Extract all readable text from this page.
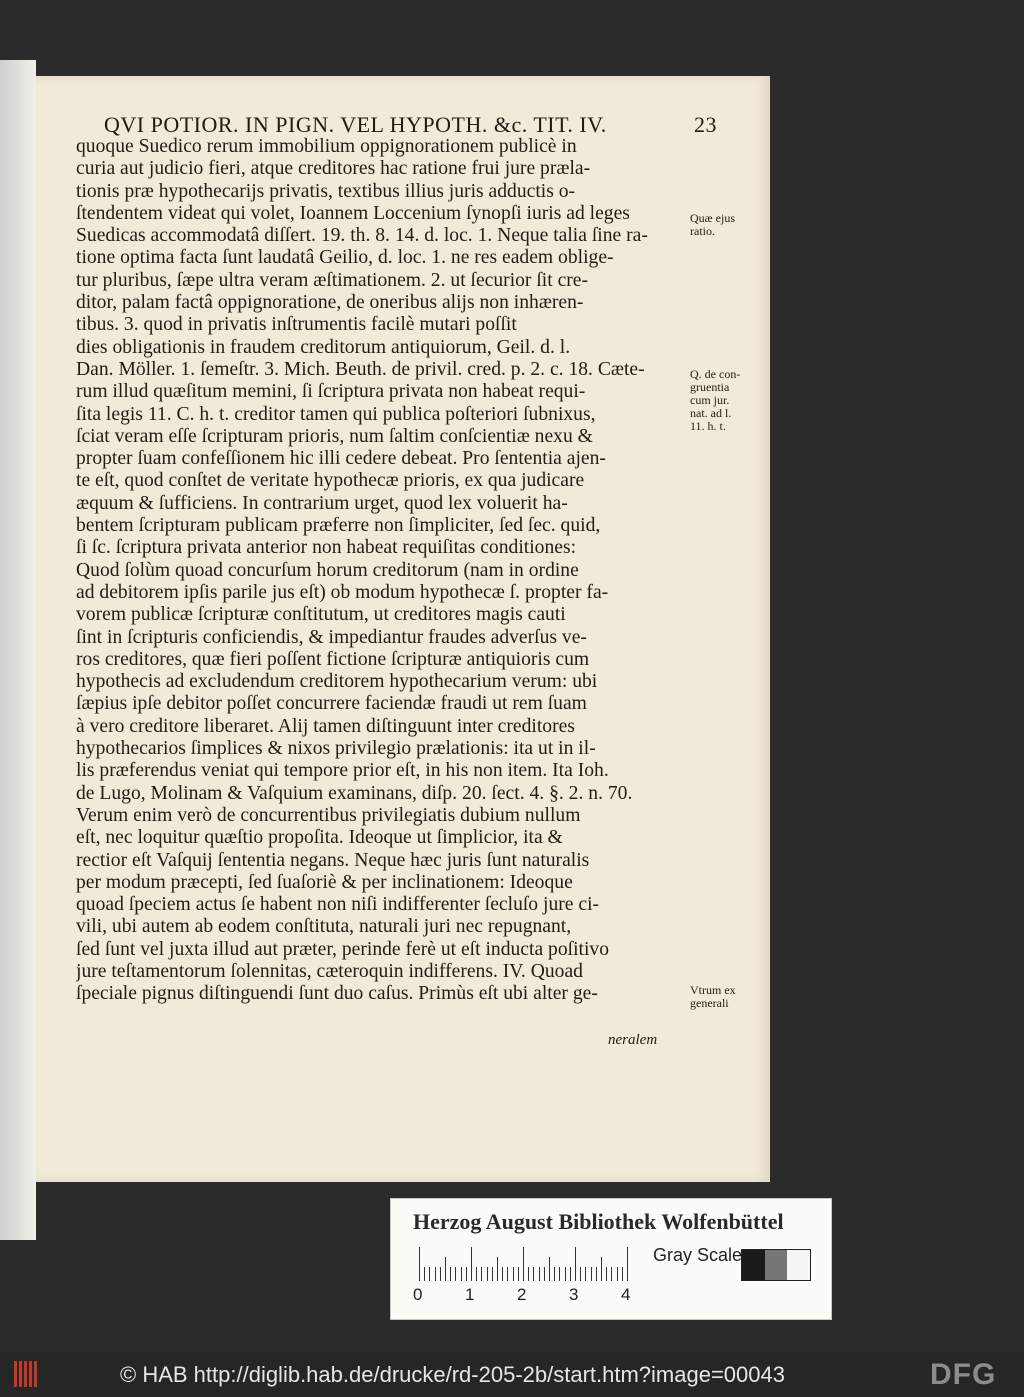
QVI POTIOR. IN PIGN. VEL HYPOTH. &c. TIT. IV.	23
quoque Suedico rerum immobilium oppignorationem publicè in
curia aut judicio fieri, atque creditores hac ratione frui jure præla-
tionis præ hypothecarijs privatis, textibus illius juris adductis o-
ſtendentem videat qui volet, Ioannem Loccenium ſynopſi iuris ad leges
Suedicas accommodatâ diſſert. 19. th. 8. 14. d. loc. 1. Neque talia ſine ra-
tione optima facta ſunt laudatâ Geilio, d. loc. 1. ne res eadem oblige-
tur pluribus, ſæpe ultra veram æſtimationem. 2. ut ſecurior ſit cre-
ditor, palam factâ oppignoratione, de oneribus alijs non inhæren-
tibus. 3. quod in privatis inſtrumentis facilè mutari poſſit
dies obligationis in fraudem creditorum antiquiorum, Geil. d. l.
Dan. Möller. 1. ſemeſtr. 3. Mich. Beuth. de privil. cred. p. 2. c. 18. Cæte-
rum illud quæſitum memini, ſi ſcriptura privata non habeat requi-
ſita legis 11. C. h. t. creditor tamen qui publica poſteriori ſubnixus,
ſciat veram eſſe ſcripturam prioris, num ſaltim conſcientiæ nexu &
propter ſuam confeſſionem hic illi cedere debeat. Pro ſententia ajen-
te eſt, quod conſtet de veritate hypothecæ prioris, ex qua judicare
æquum & ſufficiens. In contrarium urget, quod lex voluerit ha-
bentem ſcripturam publicam præferre non ſimpliciter, ſed ſec. quid,
ſi ſc. ſcriptura privata anterior non habeat requiſitas conditiones:
Quod ſolùm quoad concurſum horum creditorum (nam in ordine
ad debitorem ipſis parile jus eſt) ob modum hypothecæ ſ. propter fa-
vorem publicæ ſcripturæ conſtitutum, ut creditores magis cauti
ſint in ſcripturis conficiendis, & impediantur fraudes adverſus ve-
ros creditores, quæ fieri poſſent fictione ſcripturæ antiquioris cum
hypothecis ad excludendum creditorem hypothecarium verum: ubi
ſæpius ipſe debitor poſſet concurrere faciendæ fraudi ut rem ſuam
à vero creditore liberaret. Alij tamen diſtinguunt inter creditores
hypothecarios ſimplices & nixos privilegio prælationis: ita ut in il-
lis præferendus veniat qui tempore prior eſt, in his non item. Ita Ioh.
de Lugo, Molinam & Vaſquium examinans, diſp. 20. ſect. 4. §. 2. n. 70.
Verum enim verò de concurrentibus privilegiatis dubium nullum
eſt, nec loquitur quæſtio propoſita. Ideoque ut ſimplicior, ita &
rectior eſt Vaſquij ſententia negans. Neque hæc juris ſunt naturalis
per modum præcepti, ſed ſuaſoriè & per inclinationem: Ideoque
quoad ſpeciem actus ſe habent non niſi indifferenter ſecluſo jure ci-
vili, ubi autem ab eodem conſtituta, naturali juri nec repugnant,
ſed ſunt vel juxta illud aut præter, perinde ferè ut eſt inducta poſitivo
jure teſtamentorum ſolennitas, cæteroquin indifferens. IV. Quoad
ſpeciale pignus diſtinguendi ſunt duo caſus. Primùs eſt ubi alter ge-
Quæ ejus
ratio.
Q. de con-
gruentia
cum jur.
nat. ad l.
11. h. t.
Vtrum ex
generali
neralem
Herzog August Bibliothek Wolfenbüttel
0	1	2	3	4
Gray Scale
© HAB http://diglib.hab.de/drucke/rd-205-2b/start.htm?image=00043	DFG
